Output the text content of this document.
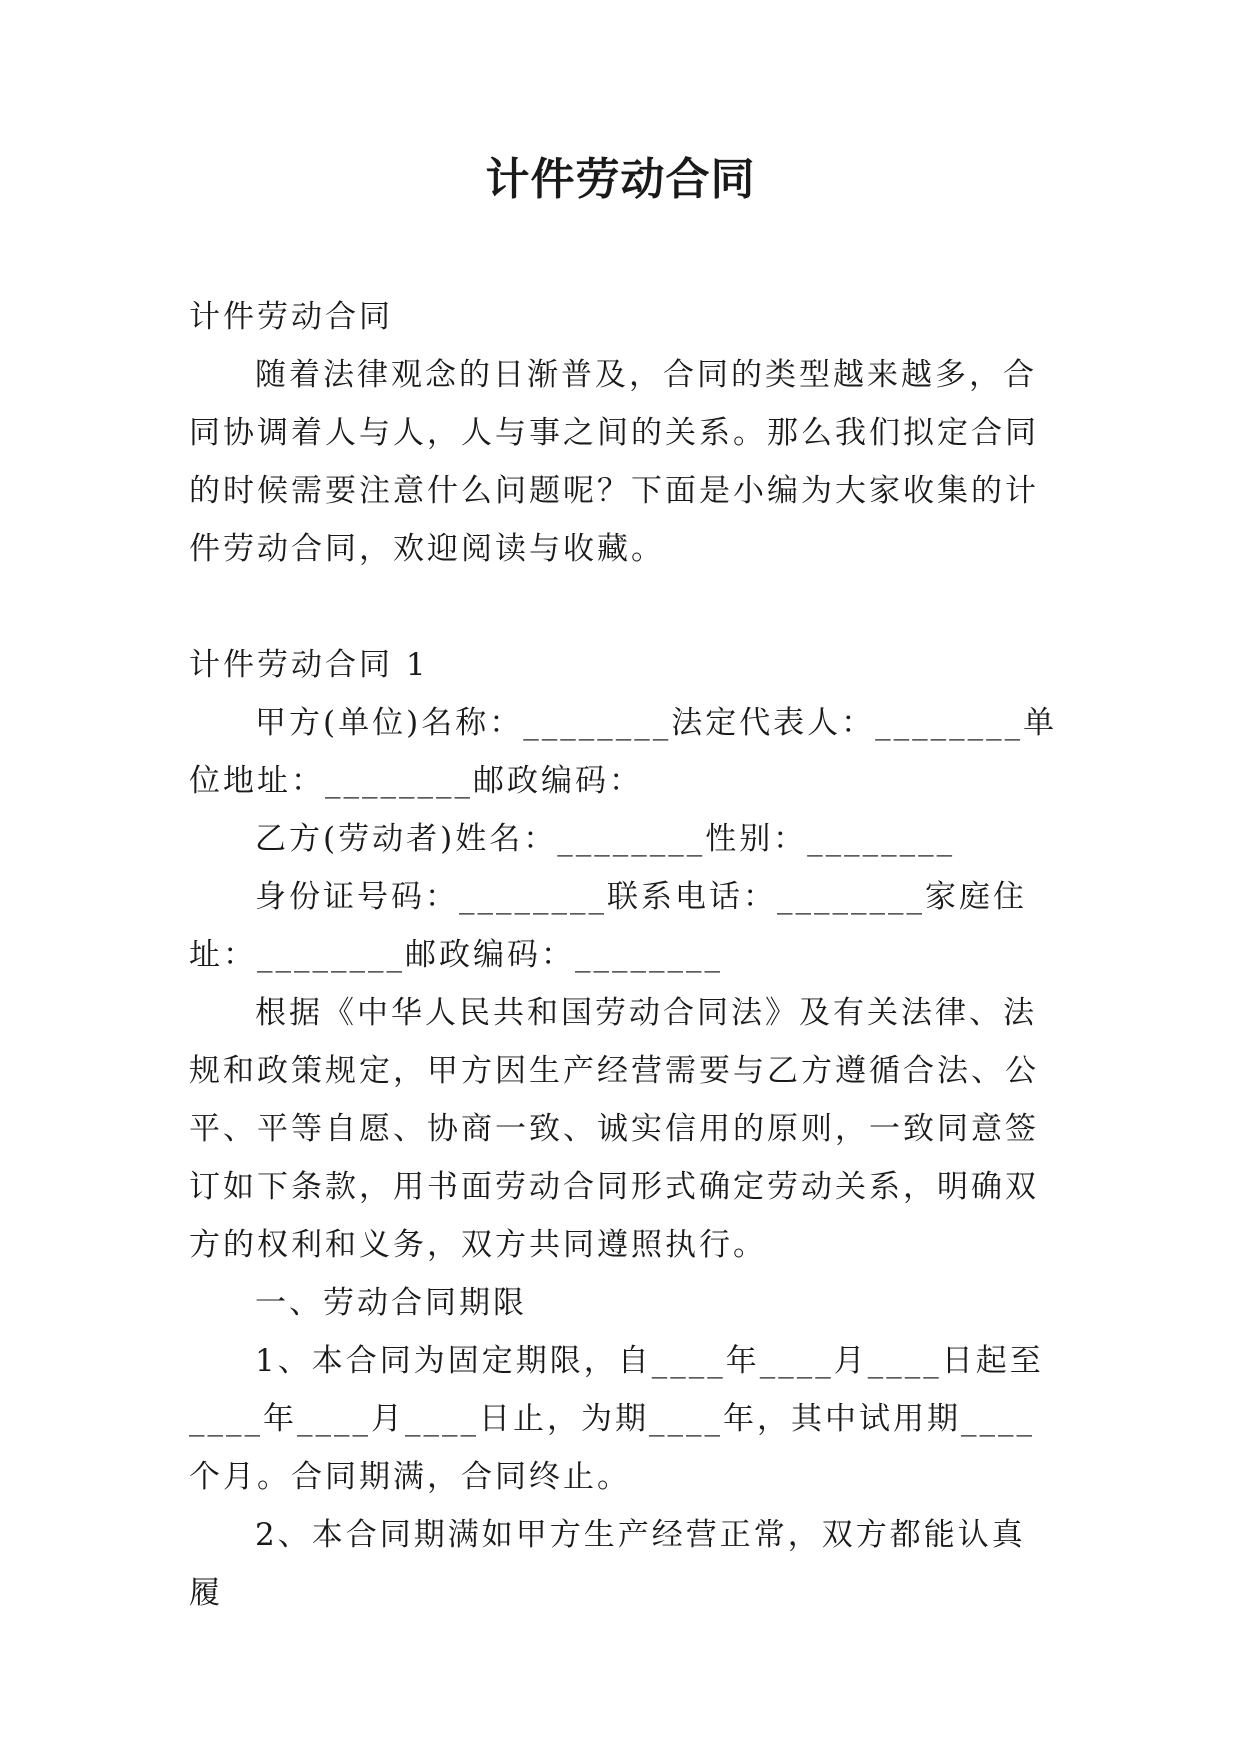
计件劳动合同

计件劳动合同

随着法律观念的日渐普及，合同的类型越来越多，合同协调着人与人，人与事之间的关系。那么我们拟定合同的时候需要注意什么问题呢？下面是小编为大家收集的计件劳动合同，欢迎阅读与收藏。

计件劳动合同 1

甲方(单位)名称：________法定代表人：________单位地址：________邮政编码：

乙方(劳动者)姓名：________性别：________

身份证号码：________联系电话：________家庭住址：________邮政编码：________

根据《中华人民共和国劳动合同法》及有关法律、法规和政策规定，甲方因生产经营需要与乙方遵循合法、公平、平等自愿、协商一致、诚实信用的原则，一致同意签订如下条款，用书面劳动合同形式确定劳动关系，明确双方的权利和义务，双方共同遵照执行。

一、劳动合同期限

1、本合同为固定期限，自____年____月____日起至____年____月____日止，为期____年，其中试用期____个月。合同期满，合同终止。

2、本合同期满如甲方生产经营正常，双方都能认真履
